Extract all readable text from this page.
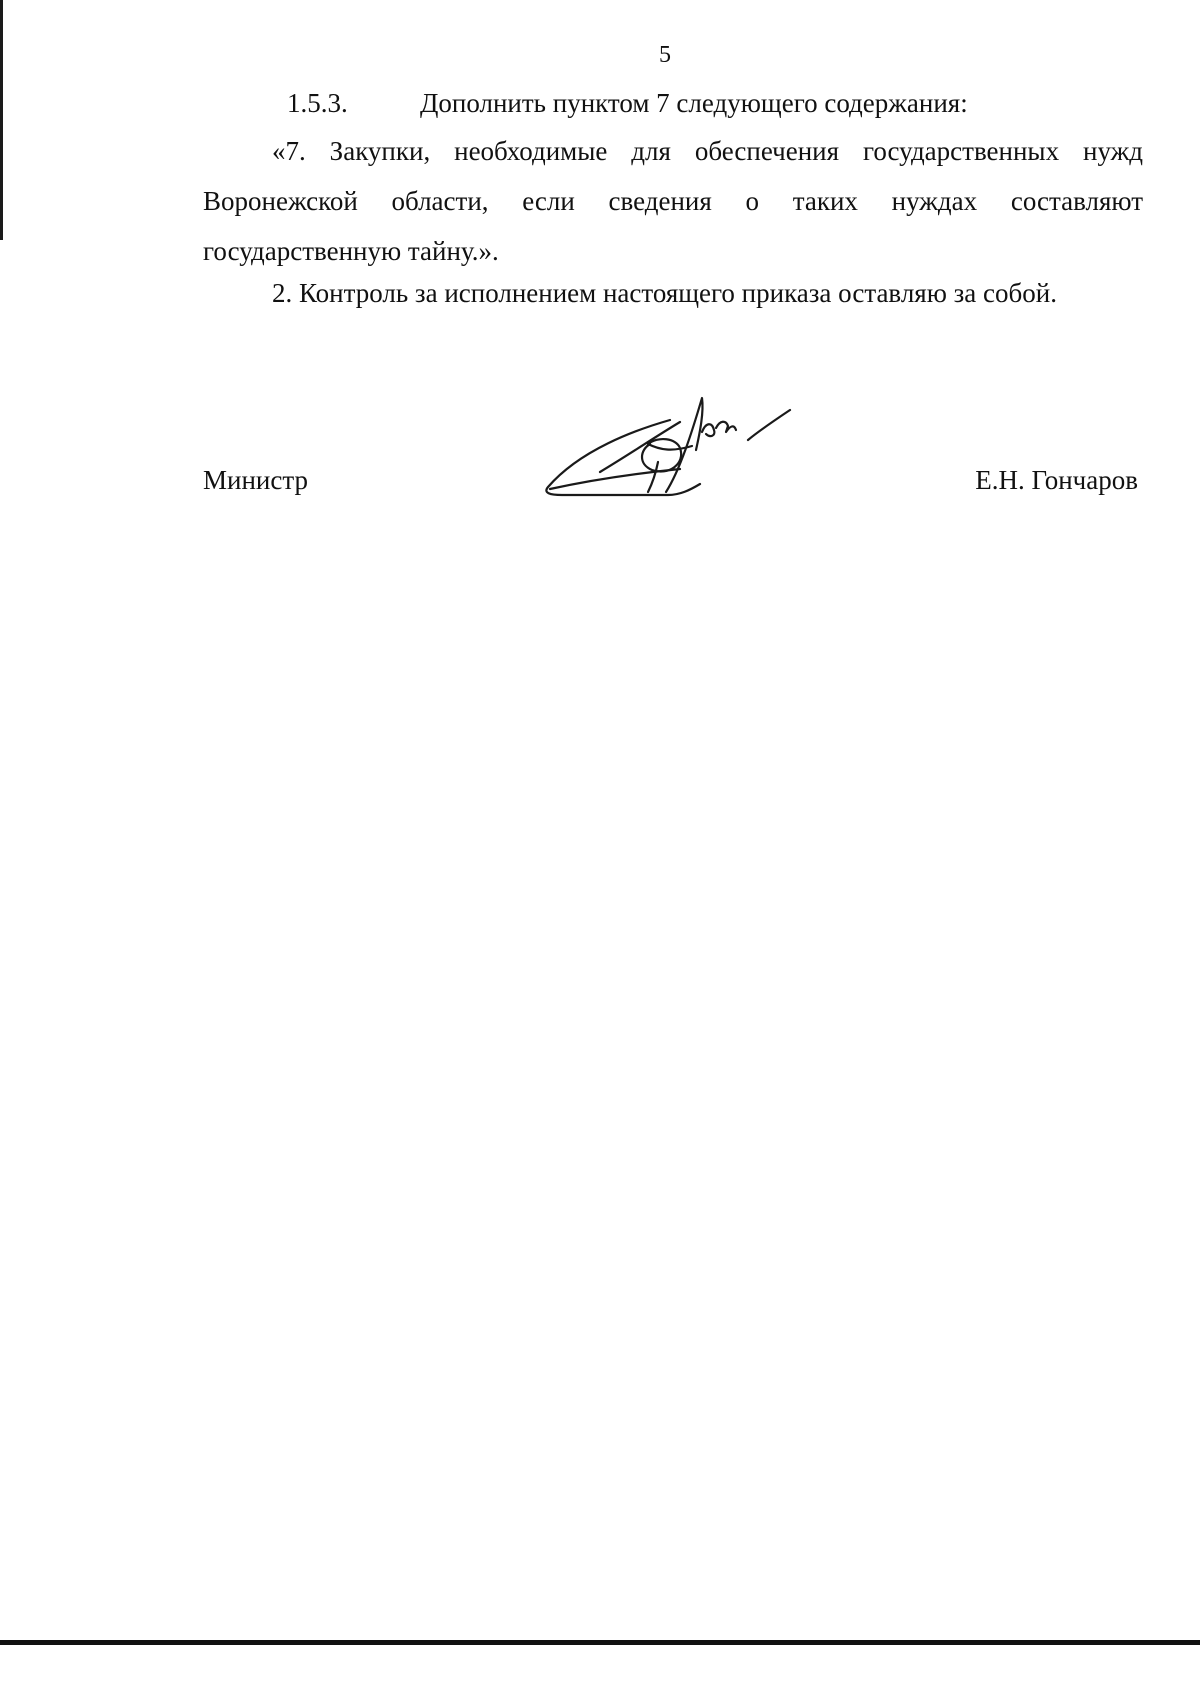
5
1.5.3.	Дополнить пунктом 7 следующего содержания:
«7. Закупки, необходимые для обеспечения государственных нужд Воронежской области, если сведения о таких нуждах составляют государственную тайну.».
2. Контроль за исполнением настоящего приказа оставляю за собой.
Министр	Е.Н. Гончаров
